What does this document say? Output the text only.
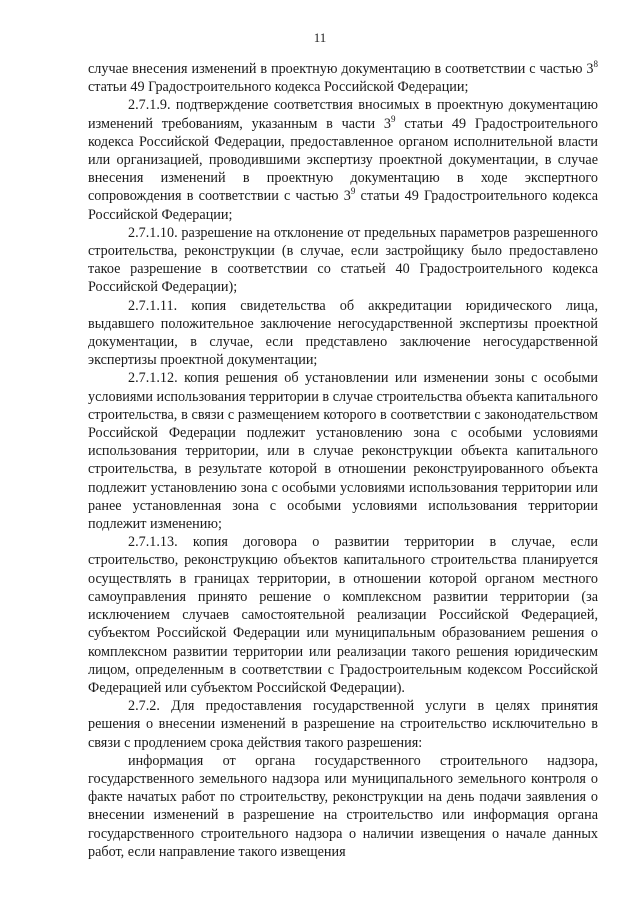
11

случае внесения изменений в проектную документацию в соответствии с частью $3^8$ статьи 49 Градостроительного кодекса Российской Федерации;

2.7.1.9. подтверждение соответствия вносимых в проектную документацию изменений требованиям, указанным в части $3^9$ статьи 49 Градостроительного кодекса Российской Федерации, предоставленное органом исполнительной власти или организацией, проводившими экспертизу проектной документации, в случае внесения изменений в проектную документацию в ходе экспертного сопровождения в соответствии с частью $3^9$ статьи 49 Градостроительного кодекса Российской Федерации;

2.7.1.10. разрешение на отклонение от предельных параметров разрешенного строительства, реконструкции (в случае, если застройщику было предоставлено такое разрешение в соответствии со статьей 40 Градостроительного кодекса Российской Федерации);

2.7.1.11. копия свидетельства об аккредитации юридического лица, выдавшего положительное заключение негосударственной экспертизы проектной документации, в случае, если представлено заключение негосударственной экспертизы проектной документации;

2.7.1.12. копия решения об установлении или изменении зоны с особыми условиями использования территории в случае строительства объекта капитального строительства, в связи с размещением которого в соответствии с законодательством Российской Федерации подлежит установлению зона с особыми условиями использования территории, или в случае реконструкции объекта капитального строительства, в результате которой в отношении реконструированного объекта подлежит установлению зона с особыми условиями использования территории или ранее установленная зона с особыми условиями использования территории подлежит изменению;

2.7.1.13. копия договора о развитии территории в случае, если строительство, реконструкцию объектов капитального строительства планируется осуществлять в границах территории, в отношении которой органом местного самоуправления принято решение о комплексном развитии территории (за исключением случаев самостоятельной реализации Российской Федерацией, субъектом Российской Федерации или муниципальным образованием решения о комплексном развитии территории или реализации такого решения юридическим лицом, определенным в соответствии с Градостроительным кодексом Российской Федерацией или субъектом Российской Федерации).

2.7.2. Для предоставления государственной услуги в целях принятия решения о внесении изменений в разрешение на строительство исключительно в связи с продлением срока действия такого разрешения:

информация от органа государственного строительного надзора, государственного земельного надзора или муниципального земельного контроля о факте начатых работ по строительству, реконструкции на день подачи заявления о внесении изменений в разрешение на строительство или информация органа государственного строительного надзора о наличии извещения о начале данных работ, если направление такого извещения
